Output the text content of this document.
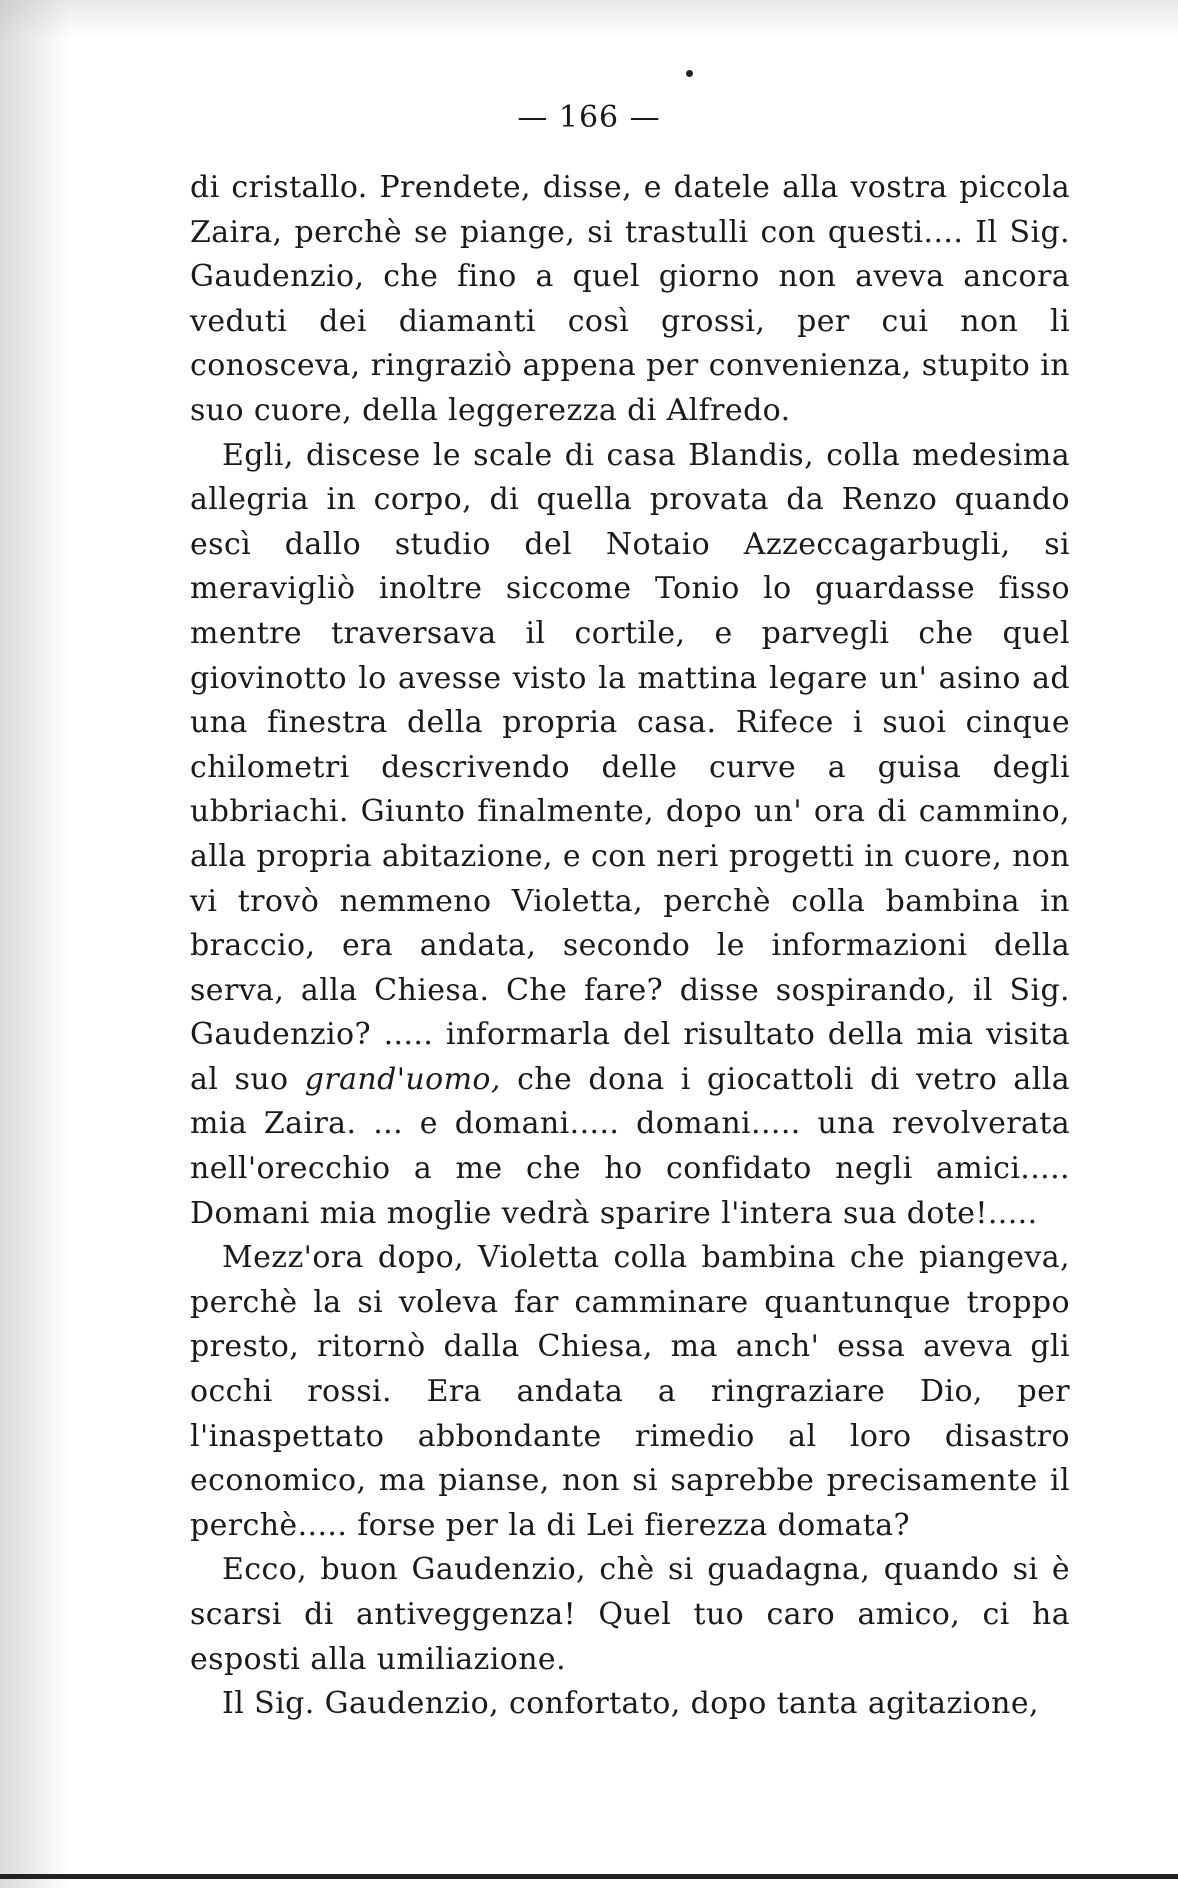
— 166 —

di cristallo. Prendete, disse, e datele alla vostra piccola Zaira, perchè se piange, si trastulli con questi.... Il Sig. Gaudenzio, che fino a quel giorno non aveva ancora veduti dei diamanti così grossi, per cui non li conosceva, ringraziò appena per convenienza, stupito in suo cuore, della leggerezza di Alfredo.

Egli, discese le scale di casa Blandis, colla medesima allegria in corpo, di quella provata da Renzo quando escì dallo studio del Notaio Azzeccagarbugli, si meravigliò inoltre siccome Tonio lo guardasse fisso mentre traversava il cortile, e parvegli che quel giovinotto lo avesse visto la mattina legare un' asino ad una finestra della propria casa. Rifece i suoi cinque chilometri descrivendo delle curve a guisa degli ubbriachi. Giunto finalmente, dopo un' ora di cammino, alla propria abitazione, e con neri progetti in cuore, non vi trovò nemmeno Violetta, perchè colla bambina in braccio, era andata, secondo le informazioni della serva, alla Chiesa. Che fare? disse sospirando, il Sig. Gaudenzio? ..... informarla del risultato della mia visita al suo grand'uomo, che dona i giocattoli di vetro alla mia Zaira. ... e domani..... domani..... una revolverata nell'orecchio a me che ho confidato negli amici..... Domani mia moglie vedrà sparire l'intera sua dote!.....

Mezz'ora dopo, Violetta colla bambina che piangeva, perchè la si voleva far camminare quantunque troppo presto, ritornò dalla Chiesa, ma anch' essa aveva gli occhi rossi. Era andata a ringraziare Dio, per l'inaspettato abbondante rimedio al loro disastro economico, ma pianse, non si saprebbe precisamente il perchè..... forse per la di Lei fierezza domata?

Ecco, buon Gaudenzio, chè si guadagna, quando si è scarsi di antiveggenza! Quel tuo caro amico, ci ha esposti alla umiliazione.

Il Sig. Gaudenzio, confortato, dopo tanta agitazione,
